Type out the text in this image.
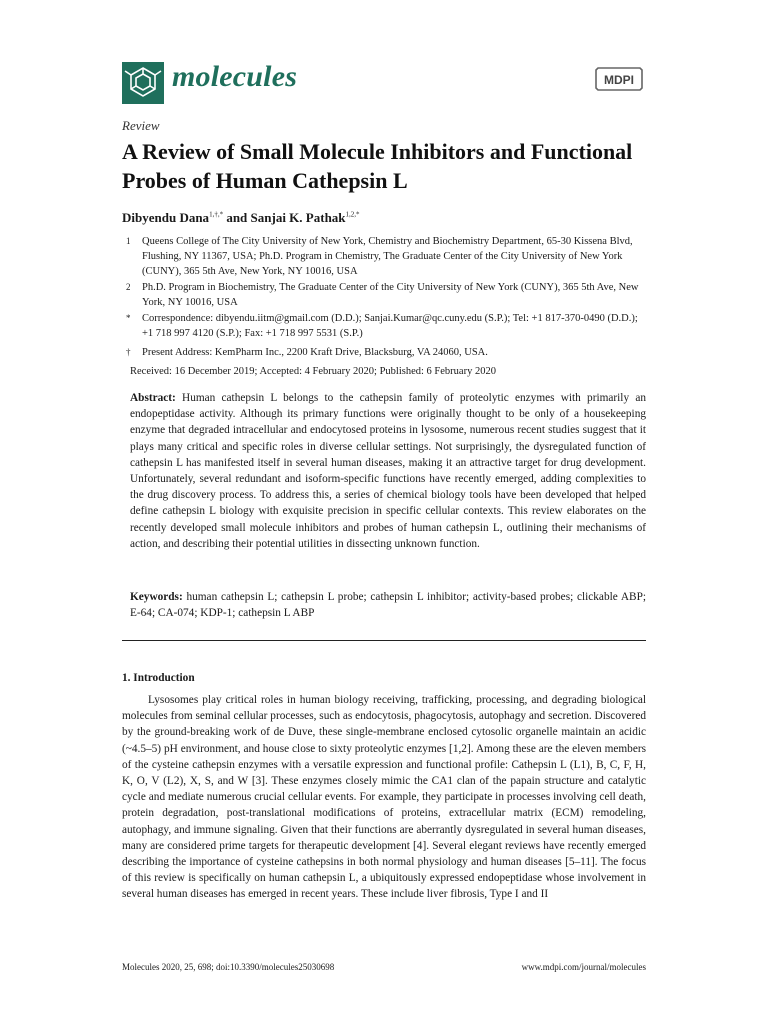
molecules	MDPI
Review
A Review of Small Molecule Inhibitors and Functional Probes of Human Cathepsin L
Dibyendu Dana$^{1,\dagger,*}$ and Sanjai K. Pathak$^{1,2,*}$
1 Queens College of The City University of New York, Chemistry and Biochemistry Department, 65-30 Kissena Blvd, Flushing, NY 11367, USA; Ph.D. Program in Chemistry, The Graduate Center of the City University of New York (CUNY), 365 5th Ave, New York, NY 10016, USA
2 Ph.D. Program in Biochemistry, The Graduate Center of the City University of New York (CUNY), 365 5th Ave, New York, NY 10016, USA
* Correspondence: dibyendu.iitm@gmail.com (D.D.); Sanjai.Kumar@qc.cuny.edu (S.P.); Tel: +1 817-370-0490 (D.D.); +1 718 997 4120 (S.P.); Fax: +1 718 997 5531 (S.P.)
† Present Address: KemPharm Inc., 2200 Kraft Drive, Blacksburg, VA 24060, USA.
Received: 16 December 2019; Accepted: 4 February 2020; Published: 6 February 2020
Abstract: Human cathepsin L belongs to the cathepsin family of proteolytic enzymes with primarily an endopeptidase activity. Although its primary functions were originally thought to be only of a housekeeping enzyme that degraded intracellular and endocytosed proteins in lysosome, numerous recent studies suggest that it plays many critical and specific roles in diverse cellular settings. Not surprisingly, the dysregulated function of cathepsin L has manifested itself in several human diseases, making it an attractive target for drug development. Unfortunately, several redundant and isoform-specific functions have recently emerged, adding complexities to the drug discovery process. To address this, a series of chemical biology tools have been developed that helped define cathepsin L biology with exquisite precision in specific cellular contexts. This review elaborates on the recently developed small molecule inhibitors and probes of human cathepsin L, outlining their mechanisms of action, and describing their potential utilities in dissecting unknown function.
Keywords: human cathepsin L; cathepsin L probe; cathepsin L inhibitor; activity-based probes; clickable ABP; E-64; CA-074; KDP-1; cathepsin L ABP
1. Introduction
Lysosomes play critical roles in human biology receiving, trafficking, processing, and degrading biological molecules from seminal cellular processes, such as endocytosis, phagocytosis, autophagy and secretion. Discovered by the ground-breaking work of de Duve, these single-membrane enclosed cytosolic organelle maintain an acidic (~4.5–5) pH environment, and house close to sixty proteolytic enzymes [1,2]. Among these are the eleven members of the cysteine cathepsin enzymes with a versatile expression and functional profile: Cathepsin L (L1), B, C, F, H, K, O, V (L2), X, S, and W [3]. These enzymes closely mimic the CA1 clan of the papain structure and catalytic cycle and mediate numerous crucial cellular events. For example, they participate in processes involving cell death, protein degradation, post-translational modifications of proteins, extracellular matrix (ECM) remodeling, autophagy, and immune signaling. Given that their functions are aberrantly dysregulated in several human diseases, many are considered prime targets for therapeutic development [4]. Several elegant reviews have recently emerged describing the importance of cysteine cathepsins in both normal physiology and human diseases [5–11]. The focus of this review is specifically on human cathepsin L, a ubiquitously expressed endopeptidase whose involvement in several human diseases has emerged in recent years. These include liver fibrosis, Type I and II
Molecules 2020, 25, 698; doi:10.3390/molecules25030698	www.mdpi.com/journal/molecules
